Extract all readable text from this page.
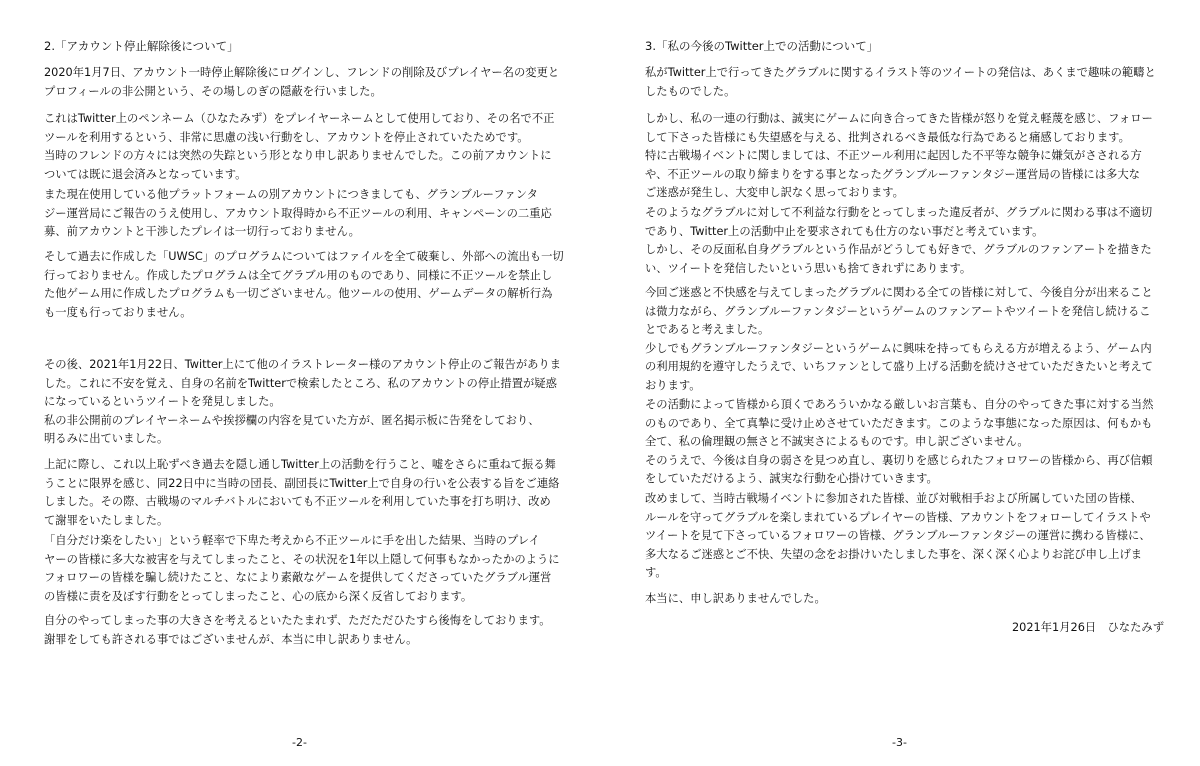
2.「アカウント停止解除後について」

2020年1月7日、アカウント一時停止解除後にログインし、フレンドの削除及びプレイヤー名の変更と
プロフィールの非公開という、その場しのぎの隠蔽を行いました。

これはTwitter上のペンネーム（ひなたみず）をプレイヤーネームとして使用しており、その名で不正
ツールを利用するという、非常に思慮の浅い行動をし、アカウントを停止されていたためです。
当時のフレンドの方々には突然の失踪という形となり申し訳ありませんでした。この前アカウントに
ついては既に退会済みとなっています。

また現在使用している他プラットフォームの別アカウントにつきましても、グランブルーファンタ
ジー運営局にご報告のうえ使用し、アカウント取得時から不正ツールの利用、キャンペーンの二重応
募、前アカウントと干渉したプレイは一切行っておりません。

そして過去に作成した「UWSC」のプログラムについてはファイルを全て破棄し、外部への流出も一切
行っておりません。作成したプログラムは全てグラブル用のものであり、同様に不正ツールを禁止し
た他ゲーム用に作成したプログラムも一切ございません。他ツールの使用、ゲームデータの解析行為
も一度も行っておりません。

その後、2021年1月22日、Twitter上にて他のイラストレーター様のアカウント停止のご報告がありま
した。これに不安を覚え、自身の名前をTwitterで検索したところ、私のアカウントの停止措置が疑惑
になっているというツイートを発見しました。
私の非公開前のプレイヤーネームや挨拶欄の内容を見ていた方が、匿名掲示板に告発をしており、
明るみに出ていました。

上記に際し、これ以上恥ずべき過去を隠し通しTwitter上の活動を行うこと、嘘をさらに重ねて振る舞
うことに限界を感じ、同22日中に当時の団長、副団長にTwitter上で自身の行いを公表する旨をご連絡
しました。その際、古戦場のマルチバトルにおいても不正ツールを利用していた事を打ち明け、改め
て謝罪をいたしました。

「自分だけ楽をしたい」という軽率で下卑た考えから不正ツールに手を出した結果、当時のプレイ
ヤーの皆様に多大な被害を与えてしまったこと、その状況を1年以上隠して何事もなかったかのように
フォロワーの皆様を騙し続けたこと、なにより素敵なゲームを提供してくださっていたグラブル運営
の皆様に责を及ぼす行動をとってしまったこと、心の底から深く反省しております。

自分のやってしまった事の大きさを考えるといたたまれず、ただただひたすら後悔をしております。
謝罪をしても許される事ではございませんが、本当に申し訳ありません。

-2-
3.「私の今後のTwitter上での活動について」

私がTwitter上で行ってきたグラブルに関するイラスト等のツイートの発信は、あくまで趣味の範疇と
したものでした。

しかし、私の一連の行動は、誠実にゲームに向き合ってきた皆様が怒りを覚え軽蔑を感じ、フォロー
して下さった皆様にも失望感を与える、批判されるべき最低な行為であると痛感しております。
特に古戦場イベントに関しましては、不正ツール利用に起因した不平等な競争に嫌気がさされる方
や、不正ツールの取り締まりをする事となったグランブルーファンタジー運営局の皆様には多大な
ご迷惑が発生し、大変申し訳なく思っております。

そのようなグラブルに対して不利益な行動をとってしまった違反者が、グラブルに関わる事は不適切
であり、Twitter上の活動中止を要求されても仕方のない事だと考えています。
しかし、その反面私自身グラブルという作品がどうしても好きで、グラブルのファンアートを描きた
い、ツイートを発信したいという思いも捨てきれずにあります。

今回ご迷惑と不快感を与えてしまったグラブルに関わる全ての皆様に対して、今後自分が出来ること
は微力ながら、グランブルーファンタジーというゲームのファンアートやツイートを発信し続けるこ
とであると考えました。
少しでもグランブルーファンタジーというゲームに興味を持ってもらえる方が増えるよう、ゲーム内
の利用規約を遵守したうえで、いちファンとして盛り上げる活動を続けさせていただきたいと考えて
おります。

その活動によって皆様から頂くであろういかなる厳しいお言葉も、自分のやってきた事に対する当然
のものであり、全て真摯に受け止めさせていただきます。このような事態になった原因は、何もかも
全て、私の倫理観の無さと不誠実さによるものです。申し訳ございません。
そのうえで、今後は自身の弱さを見つめ直し、裏切りを感じられたフォロワーの皆様から、再び信頼
をしていただけるよう、誠実な行動を心掛けていきます。

改めまして、当時古戦場イベントに参加された皆様、並び対戦相手および所属していた団の皆様、
ルールを守ってグラブルを楽しまれているプレイヤーの皆様、アカウントをフォローしてイラストや
ツイートを見て下さっているフォロワーの皆様、グランブルーファンタジーの運営に携わる皆様に、
多大なるご迷惑とご不快、失望の念をお掛けいたしました事を、深く深く心よりお詫び申し上げま
す。

本当に、申し訳ありませんでした。

2021年1月26日　ひなたみず
-3-
